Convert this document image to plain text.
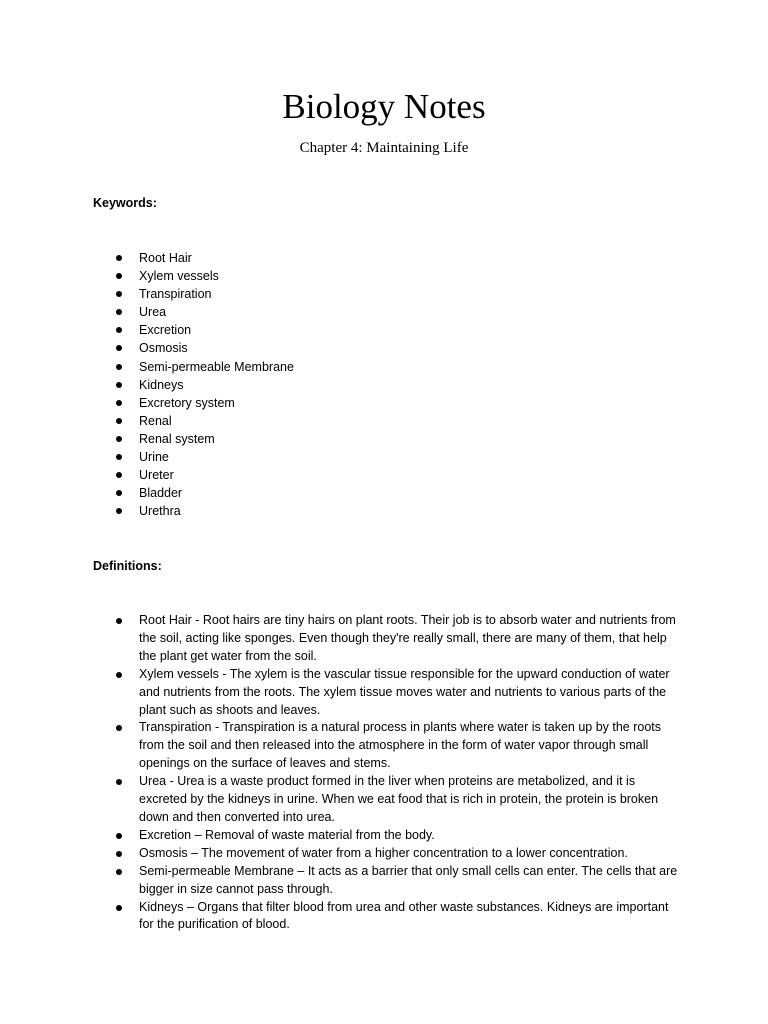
Biology Notes
Chapter 4: Maintaining Life

Keywords:

Root Hair
Xylem vessels
Transpiration
Urea
Excretion
Osmosis
Semi-permeable Membrane
Kidneys
Excretory system
Renal
Renal system
Urine
Ureter
Bladder
Urethra

Definitions:

Root Hair - Root hairs are tiny hairs on plant roots. Their job is to absorb water and nutrients from the soil, acting like sponges. Even though they're really small, there are many of them, that help the plant get water from the soil.
Xylem vessels - The xylem is the vascular tissue responsible for the upward conduction of water and nutrients from the roots. The xylem tissue moves water and nutrients to various parts of the plant such as shoots and leaves.
Transpiration - Transpiration is a natural process in plants where water is taken up by the roots from the soil and then released into the atmosphere in the form of water vapor through small openings on the surface of leaves and stems.
Urea - Urea is a waste product formed in the liver when proteins are metabolized, and it is excreted by the kidneys in urine. When we eat food that is rich in protein, the protein is broken down and then converted into urea.
Excretion – Removal of waste material from the body.
Osmosis – The movement of water from a higher concentration to a lower concentration.
Semi-permeable Membrane – It acts as a barrier that only small cells can enter. The cells that are bigger in size cannot pass through.
Kidneys – Organs that filter blood from urea and other waste substances. Kidneys are important for the purification of blood.
